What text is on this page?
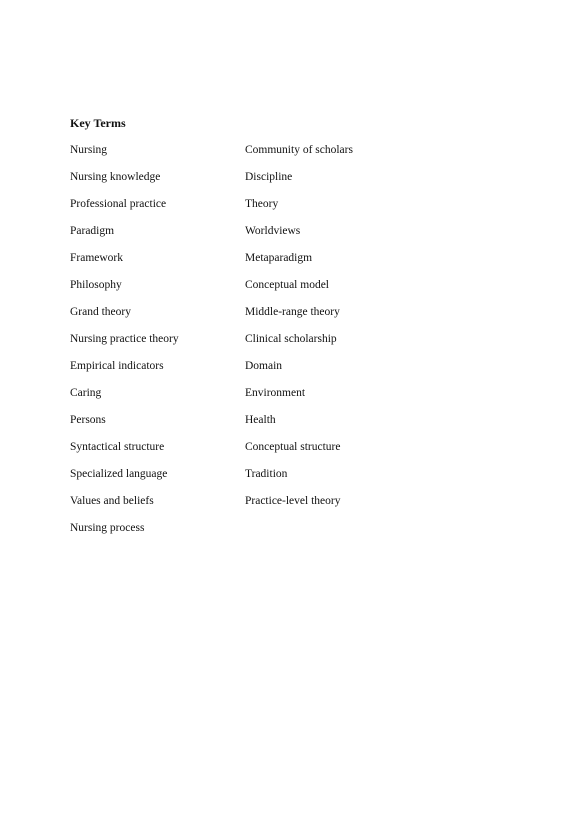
Key Terms
Nursing
Nursing knowledge
Professional practice
Paradigm
Framework
Philosophy
Grand theory
Nursing practice theory
Empirical indicators
Caring
Persons
Syntactical structure
Specialized language
Values and beliefs
Nursing process
Community of scholars
Discipline
Theory
Worldviews
Metaparadigm
Conceptual model
Middle-range theory
Clinical scholarship
Domain
Environment
Health
Conceptual structure
Tradition
Practice-level theory
